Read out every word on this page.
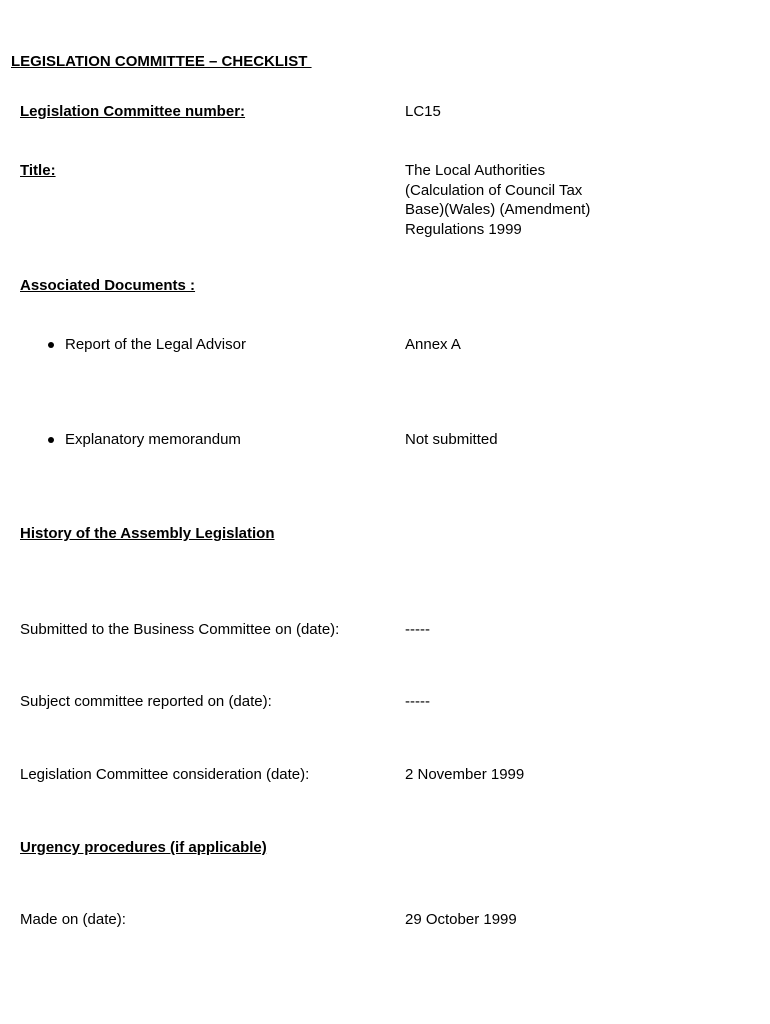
LEGISLATION COMMITTEE – CHECKLIST
Legislation Committee number:	LC15
Title:	The Local Authorities (Calculation of Council Tax Base)(Wales) (Amendment) Regulations 1999
Associated Documents :
Report of the Legal Advisor	Annex A
Explanatory memorandum	Not submitted
History of the Assembly Legislation
Submitted to the Business Committee on (date):	-----
Subject committee reported on (date):	-----
Legislation Committee consideration (date):	2 November 1999
Urgency procedures (if applicable)
Made on (date):	29 October 1999
